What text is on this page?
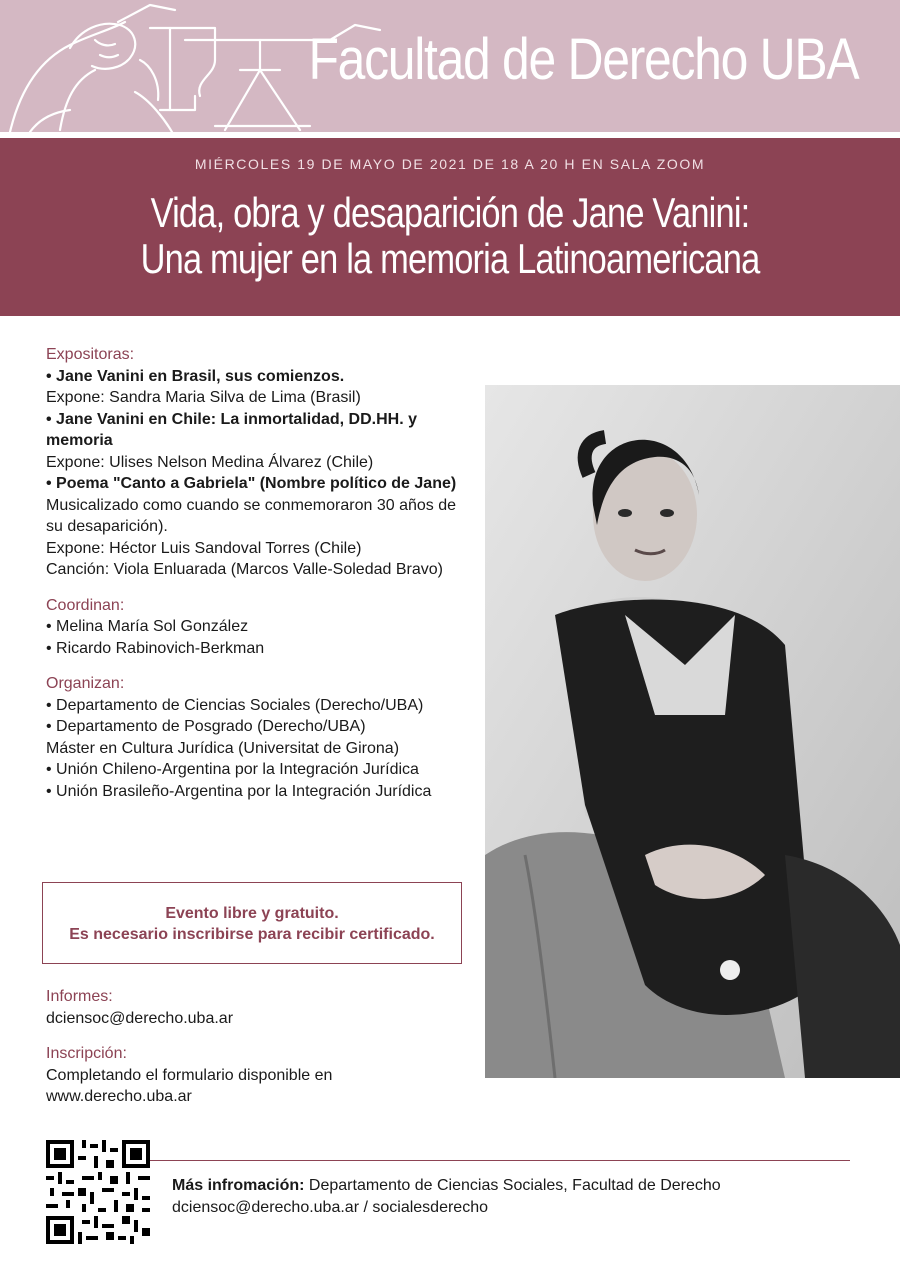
Facultad de Derecho UBA
MIÉRCOLES 19 DE MAYO DE 2021 DE 18 A 20 H EN SALA ZOOM
Vida, obra y desaparición de Jane Vanini:
Una mujer en la memoria Latinoamericana
Expositoras:
• Jane Vanini en Brasil, sus comienzos.
Expone: Sandra Maria Silva de Lima (Brasil)
• Jane Vanini en Chile: La inmortalidad, DD.HH. y memoria
Expone: Ulises Nelson Medina Álvarez (Chile)
• Poema "Canto a Gabriela" (Nombre político de Jane)
Musicalizado como cuando se conmemoraron 30 años de su desaparición).
Expone: Héctor Luis Sandoval Torres (Chile)
Canción: Viola Enluarada (Marcos Valle-Soledad Bravo)
Coordinan:
• Melina María Sol González
• Ricardo Rabinovich-Berkman
Organizan:
• Departamento de Ciencias Sociales (Derecho/UBA)
• Departamento de Posgrado (Derecho/UBA)
Máster en Cultura Jurídica (Universitat de Girona)
• Unión Chileno-Argentina por la Integración Jurídica
• Unión Brasileño-Argentina por la Integración Jurídica
Evento libre y gratuito.
Es necesario inscribirse para recibir certificado.
Informes:
dciensoc@derecho.uba.ar
Inscripción:
Completando el formulario disponible en
www.derecho.uba.ar
Más infromación: Departamento de Ciencias Sociales, Facultad de Derecho
dciensoc@derecho.uba.ar / socialesderecho
